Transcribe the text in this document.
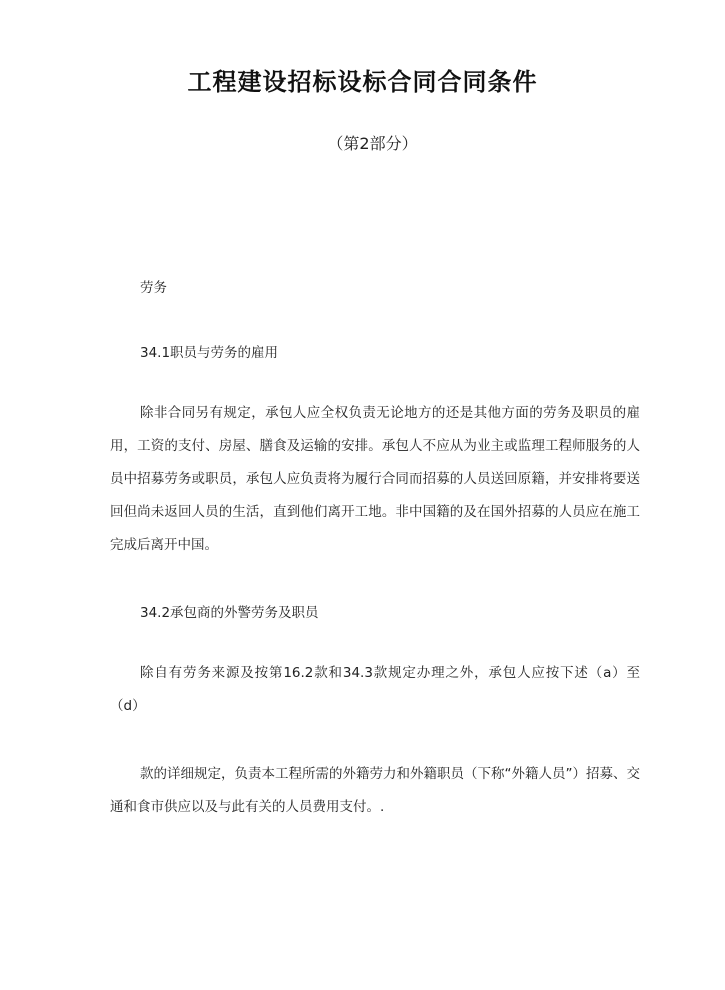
工程建设招标设标合同合同条件

（第2部分）

劳务

34.1职员与劳务的雇用

除非合同另有规定，承包人应全权负责无论地方的还是其他方面的劳务及职员的雇用，工资的支付、房屋、膳食及运输的安排。承包人不应从为业主或监理工程师服务的人员中招募劳务或职员，承包人应负责将为履行合同而招募的人员送回原籍，并安排将要送回但尚未返回人员的生活，直到他们离开工地。非中国籍的及在国外招募的人员应在施工完成后离开中国。

34.2承包商的外警劳务及职员

除自有劳务来源及按第16.2款和34.3款规定办理之外，承包人应按下述（a）至（d）

款的详细规定，负责本工程所需的外籍劳力和外籍职员（下称“外籍人员”）招募、交通和食市供应以及与此有关的人员费用支付。.
